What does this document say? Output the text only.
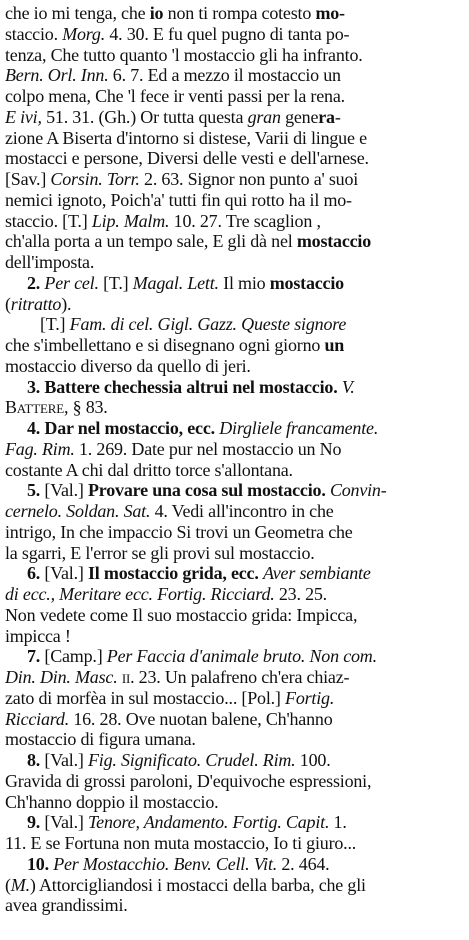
che io mi tenga, che io non ti rompa cotesto mo-
staccio. Morg. 4. 30. E fu quel pugno di tanta po-
tenza, Che tutto quanto 'l mostaccio gli ha infranto.
Bern. Orl. Inn. 6. 7. Ed a mezzo il mostaccio un
colpo mena, Che 'l fece ir venti passi per la rena.
E ivi, 51. 31. (Gh.) Or tutta questa gran genera-
zione A Biserta d'intorno si distese, Varii di lingue e
mostacci e persone, Diversi delle vesti e dell'arnese.
[Sav.] Corsin. Torr. 2. 63. Signor non punto a' suoi
nemici ignoto, Poich'a' tutti fin qui rotto ha il mo-
staccio. [T.] Lip. Malm. 10. 27. Tre scaglion ,
ch'alla porta a un tempo sale, E gli dà nel mostaccio
dell'imposta.
2. Per cel. [T.] Magal. Lett. Il mio mostaccio
(ritratto).
[T.] Fam. di cel. Gigl. Gazz. Queste signore
che s'imbellettano e si disegnano ogni giorno un
mostaccio diverso da quello di jeri.
3. Battere chechessia altrui nel mostaccio. V.
Battere, § 83.
4. Dar nel mostaccio, ecc. Dirgliele francamente.
Fag. Rim. 1. 269. Date pur nel mostaccio un No
costante A chi dal dritto torce s'allontana.
5. [Val.] Provare una cosa sul mostaccio. Convin-
cernelo. Soldan. Sat. 4. Vedi all'incontro in che
intrigo, In che impaccio Si trovi un Geometra che
la sgarri, E l'error se gli provi sul mostaccio.
6. [Val.] Il mostaccio grida, ecc. Aver sembiante
di ecc., Meritare ecc. Fortig. Ricciard. 23. 25.
Non vedete come Il suo mostaccio grida: Impicca,
impicca !
7. [Camp.] Per Faccia d'animale bruto. Non com.
Din. Din. Masc. ii. 23. Un palafreno ch'era chiaz-
zato di morfèa in sul mostaccio... [Pol.] Fortig.
Ricciard. 16. 28. Ove nuotan balene, Ch'hanno
mostaccio di figura umana.
8. [Val.] Fig. Significato. Crudel. Rim. 100.
Gravida di grossi paroloni, D'equivoche espressioni,
Ch'hanno doppio il mostaccio.
9. [Val.] Tenore, Andamento. Fortig. Capit. 1.
11. E se Fortuna non muta mostaccio, Io ti giuro...
10. Per Mostacchio. Benv. Cell. Vit. 2. 464.
(M.) Attorcigliandosi i mostacci della barba, che gli
avea grandissimi.
